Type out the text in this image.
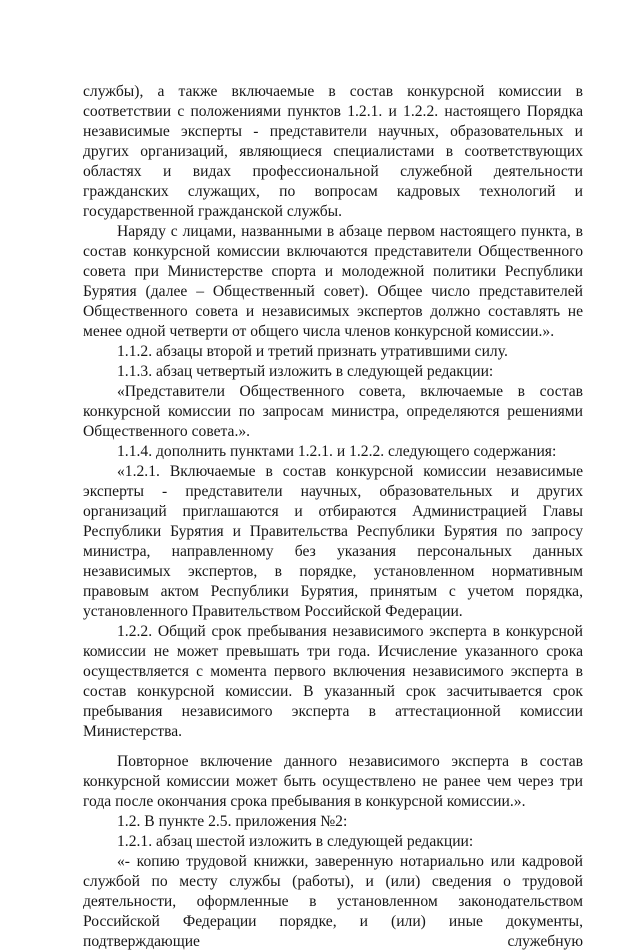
службы), а также включаемые в состав конкурсной комиссии в соответствии с положениями пунктов 1.2.1. и 1.2.2. настоящего Порядка независимые эксперты - представители научных, образовательных и других организаций, являющиеся специалистами в соответствующих областях и видах профессиональной служебной деятельности гражданских служащих, по вопросам кадровых технологий и государственной гражданской службы.

Наряду с лицами, названными в абзаце первом настоящего пункта, в состав конкурсной комиссии включаются представители Общественного совета при Министерстве спорта и молодежной политики Республики Бурятия (далее – Общественный совет). Общее число представителей Общественного совета и независимых экспертов должно составлять не менее одной четверти от общего числа членов конкурсной комиссии.».

1.1.2. абзацы второй и третий признать утратившими силу.

1.1.3. абзац четвертый изложить в следующей редакции:

«Представители Общественного совета, включаемые в состав конкурсной комиссии по запросам министра, определяются решениями Общественного совета.».

1.1.4. дополнить пунктами 1.2.1. и 1.2.2. следующего содержания:

«1.2.1. Включаемые в состав конкурсной комиссии независимые эксперты - представители научных, образовательных и других организаций приглашаются и отбираются Администрацией Главы Республики Бурятия и Правительства Республики Бурятия по запросу министра, направленному без указания персональных данных независимых экспертов, в порядке, установленном нормативным правовым актом Республики Бурятия, принятым с учетом порядка, установленного Правительством Российской Федерации.

1.2.2. Общий срок пребывания независимого эксперта в конкурсной комиссии не может превышать три года. Исчисление указанного срока осуществляется с момента первого включения независимого эксперта в состав конкурсной комиссии. В указанный срок засчитывается срок пребывания независимого эксперта в аттестационной комиссии Министерства.

Повторное включение данного независимого эксперта в состав конкурсной комиссии может быть осуществлено не ранее чем через три года после окончания срока пребывания в конкурсной комиссии.».

1.2. В пункте 2.5. приложения №2:

1.2.1. абзац шестой изложить в следующей редакции:

«- копию трудовой книжки, заверенную нотариально или кадровой службой по месту службы (работы), и (или) сведения о трудовой деятельности, оформленные в установленном законодательством Российской Федерации порядке, и (или) иные документы, подтверждающие служебную
